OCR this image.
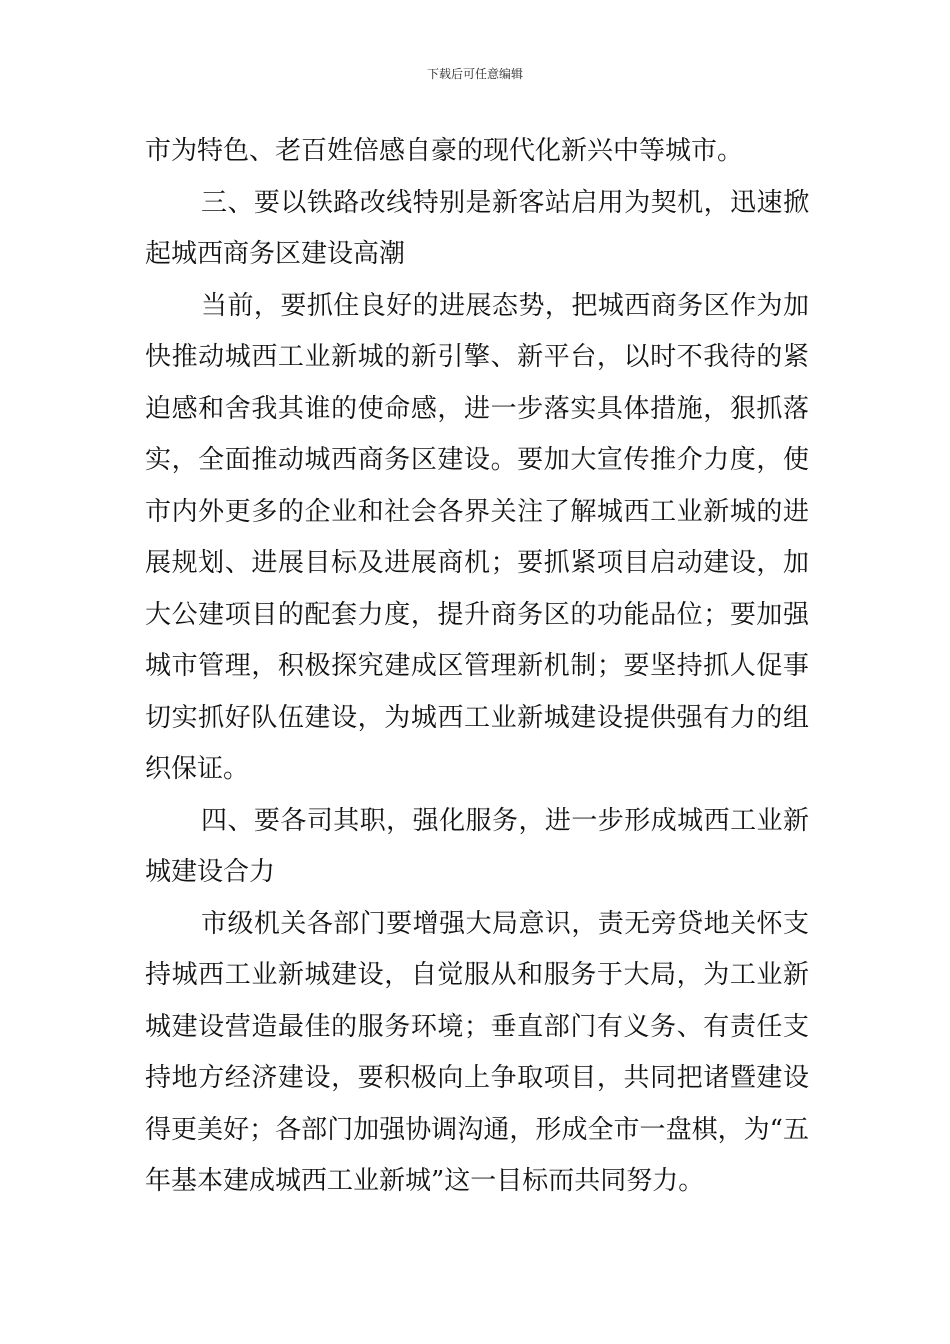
下载后可任意编辑

市为特色、老百姓倍感自豪的现代化新兴中等城市。

三、要以铁路改线特别是新客站启用为契机，迅速掀起城西商务区建设高潮

当前，要抓住良好的进展态势，把城西商务区作为加快推动城西工业新城的新引擎、新平台，以时不我待的紧迫感和舍我其谁的使命感，进一步落实具体措施，狠抓落实，全面推动城西商务区建设。要加大宣传推介力度，使市内外更多的企业和社会各界关注了解城西工业新城的进展规划、进展目标及进展商机；要抓紧项目启动建设，加大公建项目的配套力度，提升商务区的功能品位；要加强城市管理，积极探究建成区管理新机制；要坚持抓人促事切实抓好队伍建设，为城西工业新城建设提供强有力的组织保证。

四、要各司其职，强化服务，进一步形成城西工业新城建设合力

市级机关各部门要增强大局意识，责无旁贷地关怀支持城西工业新城建设，自觉服从和服务于大局，为工业新城建设营造最佳的服务环境；垂直部门有义务、有责任支持地方经济建设，要积极向上争取项目，共同把诸暨建设得更美好；各部门加强协调沟通，形成全市一盘棋，为“五年基本建成城西工业新城”这一目标而共同努力。
